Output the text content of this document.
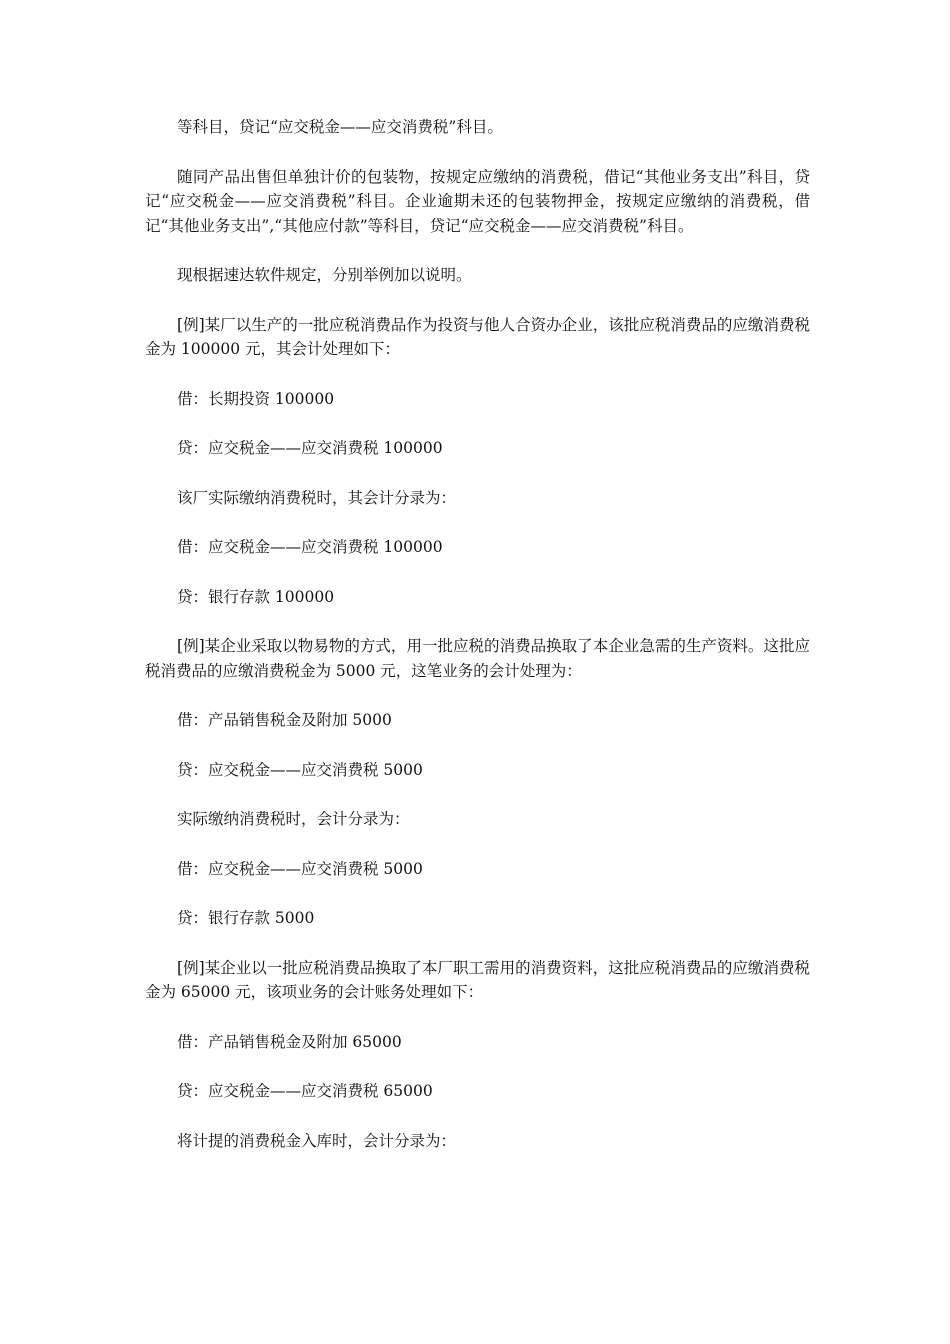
等科目，贷记“应交税金——应交消费税”科目。

随同产品出售但单独计价的包装物，按规定应缴纳的消费税，借记“其他业务支出”科目，贷记“应交税金——应交消费税”科目。企业逾期未还的包装物押金，按规定应缴纳的消费税，借记“其他业务支出”,“其他应付款”等科目，贷记“应交税金——应交消费税”科目。

现根据速达软件规定，分别举例加以说明。

[例]某厂以生产的一批应税消费品作为投资与他人合资办企业，该批应税消费品的应缴消费税金为 100000 元，其会计处理如下：

借：长期投资 100000

贷：应交税金——应交消费税 100000

该厂实际缴纳消费税时，其会计分录为：

借：应交税金——应交消费税 100000

贷：银行存款 100000

[例]某企业采取以物易物的方式，用一批应税的消费品换取了本企业急需的生产资料。这批应税消费品的应缴消费税金为 5000 元，这笔业务的会计处理为：

借：产品销售税金及附加 5000

贷：应交税金——应交消费税 5000

实际缴纳消费税时，会计分录为：

借：应交税金——应交消费税 5000

贷：银行存款 5000

[例]某企业以一批应税消费品换取了本厂职工需用的消费资料，这批应税消费品的应缴消费税金为 65000 元，该项业务的会计账务处理如下：

借：产品销售税金及附加 65000

贷：应交税金——应交消费税 65000

将计提的消费税金入库时，会计分录为：
